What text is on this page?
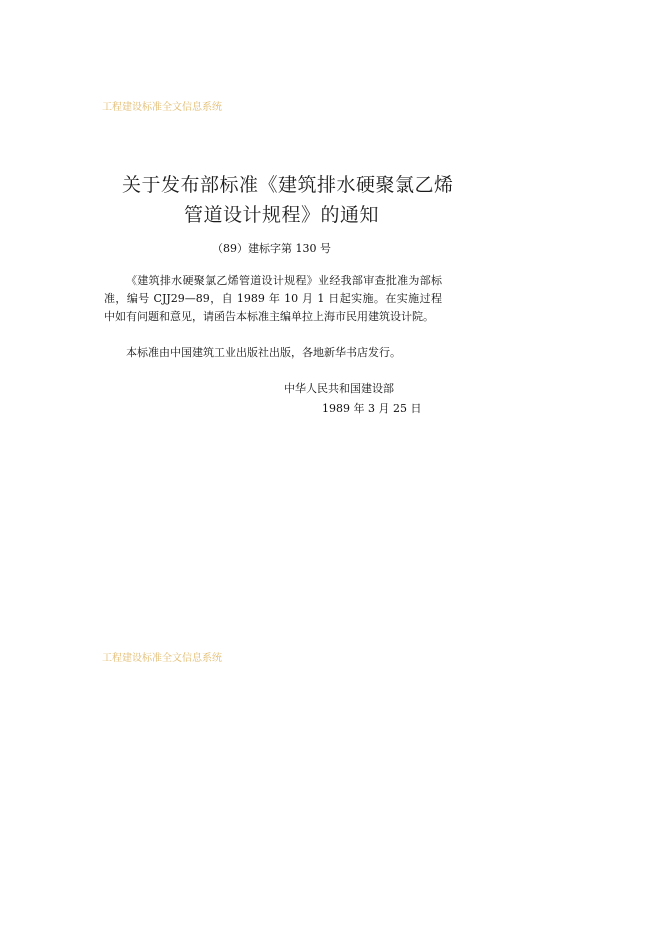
工程建设标准全文信息系统
关于发布部标准《建筑排水硬聚氯乙烯
管道设计规程》的通知
（89）建标字第 130 号

《建筑排水硬聚氯乙烯管道设计规程》业经我部审查批准为部标准，编号 CJJ29—89，自 1989 年 10 月 1 日起实施。在实施过程中如有问题和意见，请函告本标准主编单拉上海市民用建筑设计院。

本标准由中国建筑工业出版社出版，各地新华书店发行。

中华人民共和国建设部
1989 年 3 月 25 日
工程建设标准全文信息系统
